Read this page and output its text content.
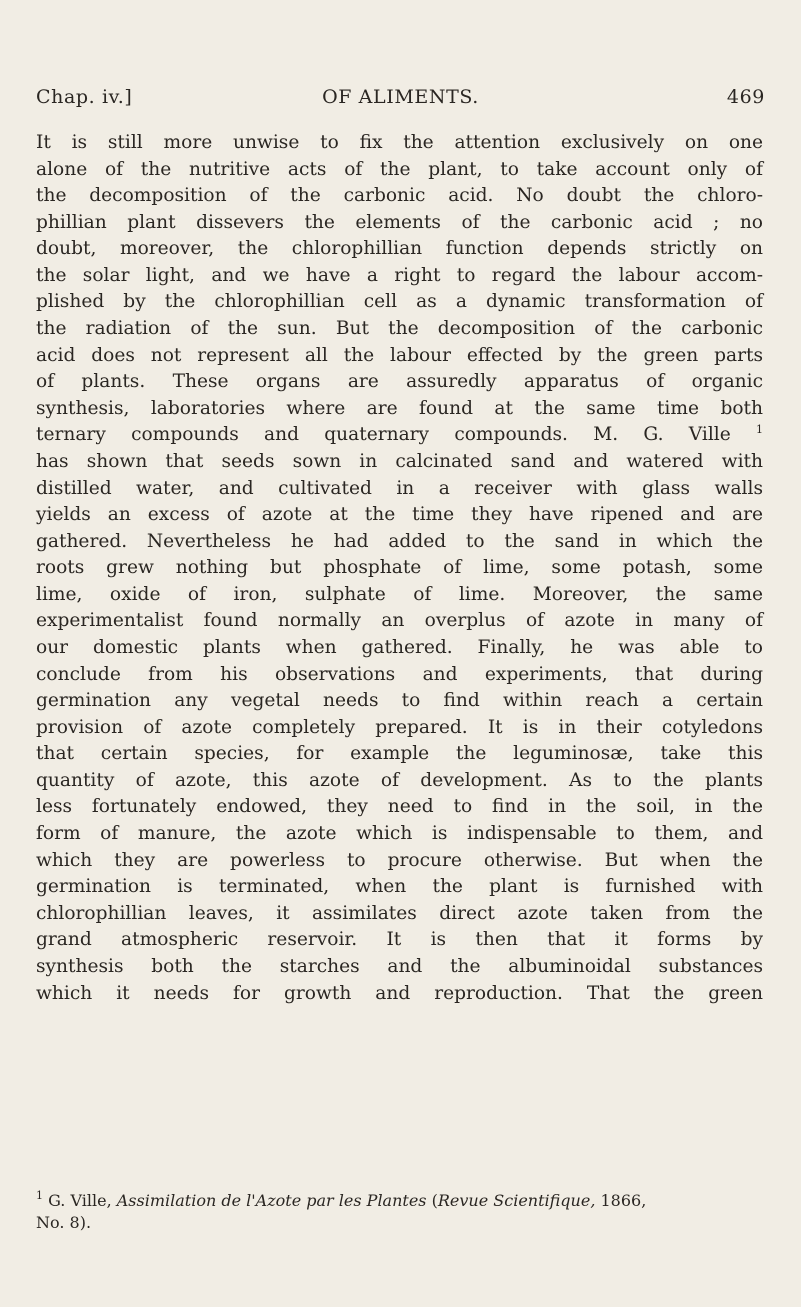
Chap. iv.]	OF ALIMENTS.	469
It is still more unwise to fix the attention exclusively on one
alone of the nutritive acts of the plant, to take account only of
the decomposition of the carbonic acid. No doubt the chloro-
phillian plant dissevers the elements of the carbonic acid ; no
doubt, moreover, the chlorophillian function depends strictly on
the solar light, and we have a right to regard the labour accom-
plished by the chlorophillian cell as a dynamic transformation of
the radiation of the sun. But the decomposition of the carbonic
acid does not represent all the labour effected by the green parts
of plants. These organs are assuredly apparatus of organic
synthesis, laboratories where are found at the same time both
ternary compounds and quaternary compounds. M. G. Ville $^1$
has shown that seeds sown in calcinated sand and watered with
distilled water, and cultivated in a receiver with glass walls
yields an excess of azote at the time they have ripened and are
gathered. Nevertheless he had added to the sand in which the
roots grew nothing but phosphate of lime, some potash, some
lime, oxide of iron, sulphate of lime. Moreover, the same
experimentalist found normally an overplus of azote in many of
our domestic plants when gathered. Finally, he was able to
conclude from his observations and experiments, that during
germination any vegetal needs to find within reach a certain
provision of azote completely prepared. It is in their cotyledons
that certain species, for example the leguminosæ, take this
quantity of azote, this azote of development. As to the plants
less fortunately endowed, they need to find in the soil, in the
form of manure, the azote which is indispensable to them, and
which they are powerless to procure otherwise. But when the
germination is terminated, when the plant is furnished with
chlorophillian leaves, it assimilates direct azote taken from the
grand atmospheric reservoir. It is then that it forms by
synthesis both the starches and the albuminoidal substances
which it needs for growth and reproduction. That the green
$^1$ G. Ville, Assimilation de l'Azote par les Plantes (Revue Scientifique, 1866,
No. 8).
